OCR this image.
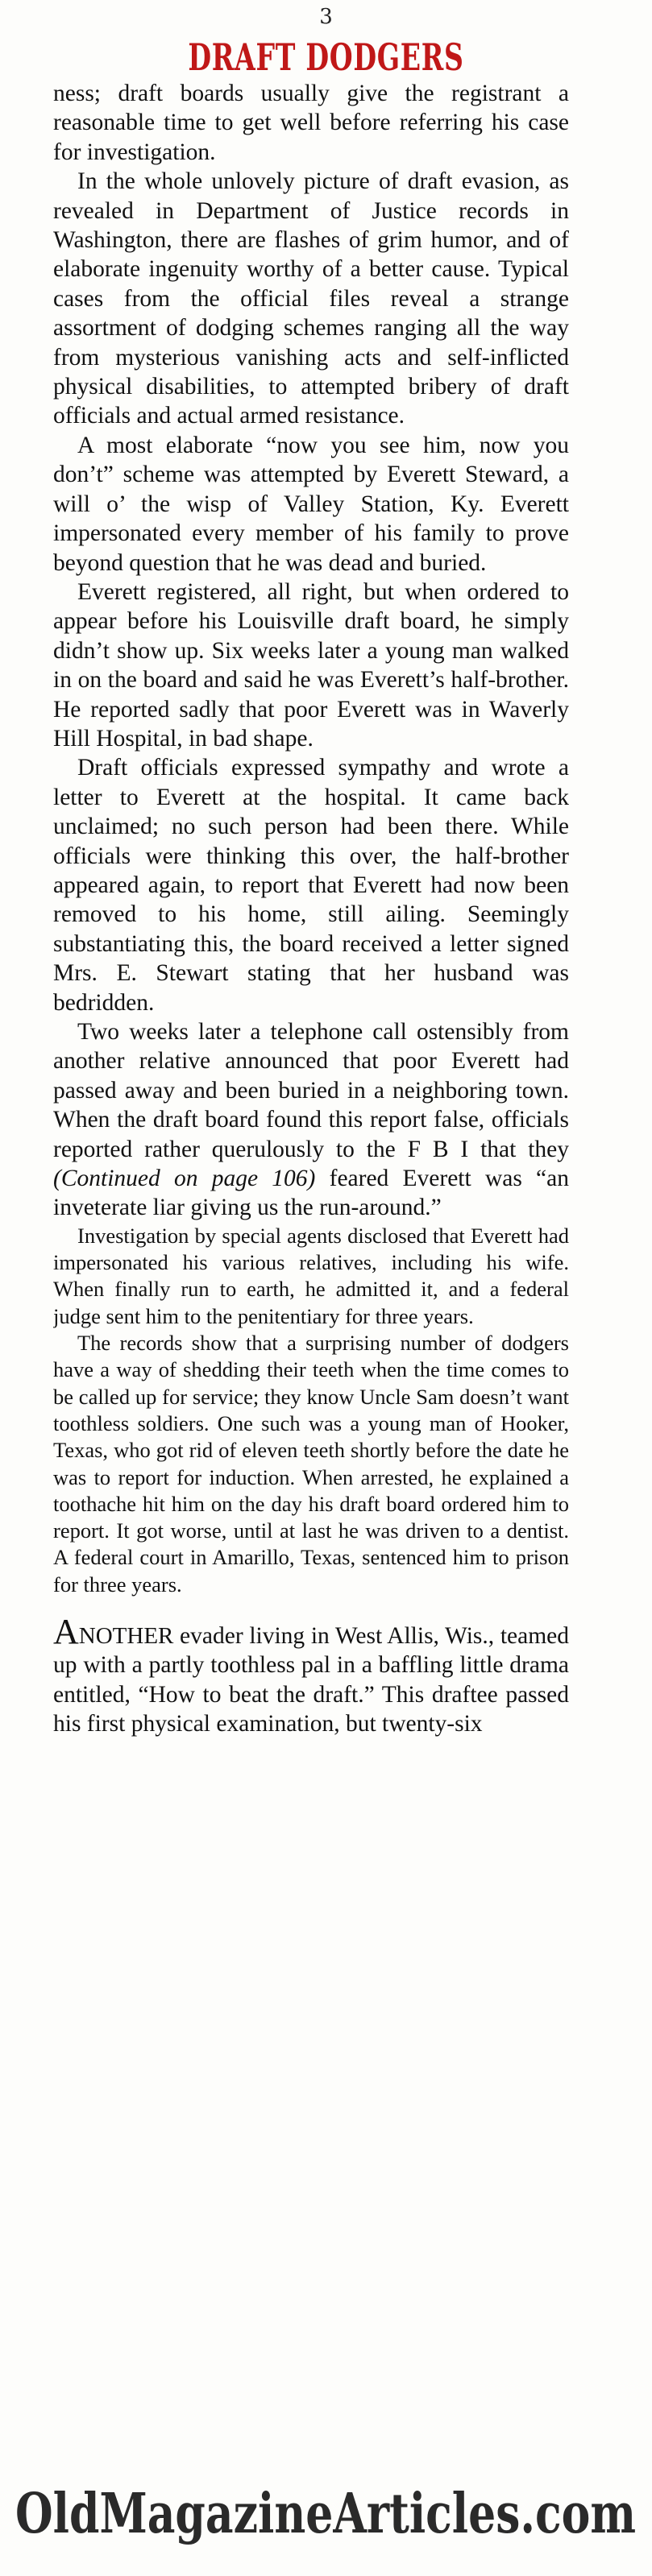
3
DRAFT DODGERS

ness; draft boards usually give the registrant a reasonable time to get well before referring his case for investigation.

In the whole unlovely picture of draft evasion, as revealed in Department of Justice records in Washington, there are flashes of grim humor, and of elaborate ingenuity worthy of a better cause. Typical cases from the official files reveal a strange assortment of dodging schemes ranging all the way from mysterious vanishing acts and self-inflicted physical disabilities, to attempted bribery of draft officials and actual armed resistance.

A most elaborate “now you see him, now you don’t” scheme was attempted by Everett Steward, a will o’ the wisp of Valley Station, Ky. Everett impersonated every member of his family to prove beyond question that he was dead and buried.

Everett registered, all right, but when ordered to appear before his Louisville draft board, he simply didn’t show up. Six weeks later a young man walked in on the board and said he was Everett’s half-brother. He reported sadly that poor Everett was in Waverly Hill Hospital, in bad shape.

Draft officials expressed sympathy and wrote a letter to Everett at the hospital. It came back unclaimed; no such person had been there. While officials were thinking this over, the half-brother appeared again, to report that Everett had now been removed to his home, still ailing. Seemingly substantiating this, the board received a letter signed Mrs. E. Stewart stating that her husband was bedridden.

Two weeks later a telephone call ostensibly from another relative announced that poor Everett had passed away and been buried in a neighboring town. When the draft board found this report false, officials reported rather querulously to the F B I that they (Continued on page 106) feared Everett was “an inveterate liar giving us the run-around.”

Investigation by special agents disclosed that Everett had impersonated his various relatives, including his wife. When finally run to earth, he admitted it, and a federal judge sent him to the penitentiary for three years.

The records show that a surprising number of dodgers have a way of shedding their teeth when the time comes to be called up for service; they know Uncle Sam doesn’t want toothless soldiers. One such was a young man of Hooker, Texas, who got rid of eleven teeth shortly before the date he was to report for induction. When arrested, he explained a toothache hit him on the day his draft board ordered him to report. It got worse, until at last he was driven to a dentist. A federal court in Amarillo, Texas, sentenced him to prison for three years.

ANOTHER evader living in West Allis, Wis., teamed up with a partly toothless pal in a baffling little drama entitled, “How to beat the draft.” This draftee passed his first physical examination, but twenty-six

OldMagazineArticles.com
